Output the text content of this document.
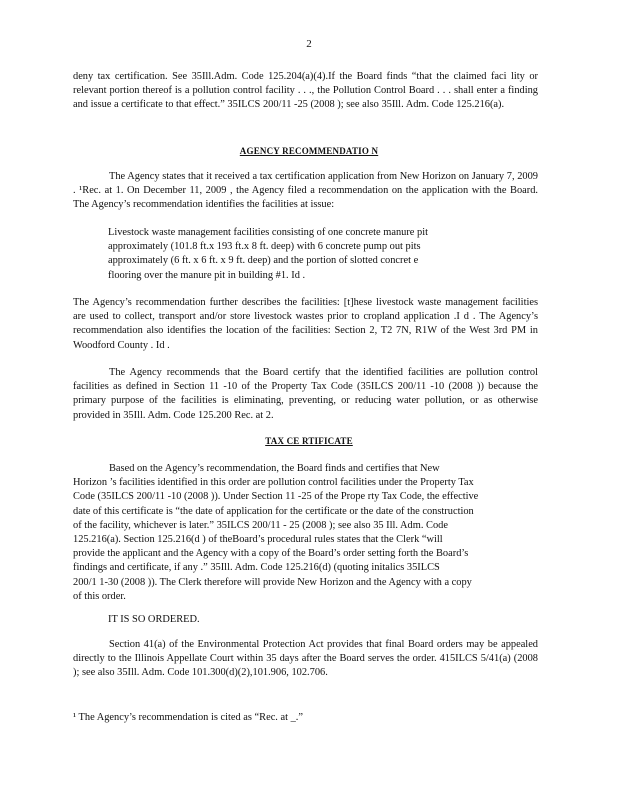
2
deny tax certification. See 35Ill.Adm. Code 125.204(a)(4).If the Board finds “that the claimed faci lity or relevant portion thereof is a pollution control facility . . ., the Pollution Control Board . . . shall enter a finding and issue a certificate to that effect.” 35ILCS 200/11 -25 (2008 ); see also 35Ill. Adm. Code 125.216(a).
AGENCY RECOMMENDATIO N
The Agency states that it received a tax certification application from New Horizon on January 7, 2009 . ¹Rec. at 1. On December 11, 2009 , the Agency filed a recommendation on the application with the Board. The Agency’s recommendation identifies the facilities at issue:
Livestock waste management facilities consisting of one concrete manure pit
approximately (101.8 ft.x 193 ft.x 8 ft. deep) with 6 concrete pump out pits
approximately (6 ft. x 6 ft. x 9 ft. deep) and the portion of slotted concret e
flooring over the manure pit in building #1. Id .
The Agency’s recommendation further describes the facilities: [t]hese livestock waste management facilities are used to collect, transport and/or store livestock wastes prior to cropland application .I d . The Agency’s recommendation also identifies the location of the facilities: Section 2, T2 7N, R1W of the West 3rd PM in Woodford County . Id .
The Agency recommends that the Board certify that the identified facilities are pollution control facilities as defined in Section 11 -10 of the Property Tax Code (35ILCS 200/11 -10 (2008 )) because the primary purpose of the facilities is eliminating, preventing, or reducing water pollution, or as otherwise provided in 35Ill. Adm. Code 125.200 Rec. at 2.
TAX CE RTIFICATE
Based on the Agency’s recommendation, the Board finds and certifies that New
Horizon ’s facilities identified in this order are pollution control facilities under the Property Tax
Code (35ILCS 200/11 -10 (2008 )). Under Section 11 -25 of the Prope rty Tax Code, the effective
date of this certificate is “the date of application for the certificate or the date of the construction
of the facility, whichever is later.” 35ILCS 200/11 - 25 (2008 ); see also 35 Ill. Adm. Code
125.216(a). Section 125.216(d ) of theBoard’s procedural rules states that the Clerk “will
provide the applicant and the Agency with a copy of the Board’s order setting forth the Board’s
findings and certificate, if any .” 35Ill. Adm. Code 125.216(d) (quoting initalics 35ILCS
200/1 1-30 (2008 )). The Clerk therefore will provide New Horizon and the Agency with a copy
of this order.
IT IS SO ORDERED.
Section 41(a) of the Environmental Protection Act provides that final Board orders may be appealed directly to the Illinois Appellate Court within 35 days after the Board serves the order. 415ILCS 5/41(a) (2008 ); see also 35Ill. Adm. Code 101.300(d)(2),101.906, 102.706.
¹ The Agency’s recommendation is cited as “Rec. at _.”
